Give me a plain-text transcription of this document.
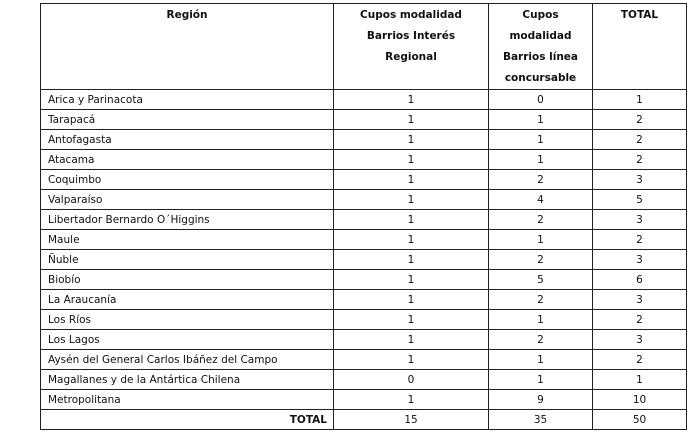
Región	Cupos modalidad Barrios Interés Regional	Cupos modalidad Barrios línea concursable	TOTAL
Arica y Parinacota	1	0	1
Tarapacá	1	1	2
Antofagasta	1	1	2
Atacama	1	1	2
Coquimbo	1	2	3
Valparaíso	1	4	5
Libertador Bernardo O´Higgins	1	2	3
Maule	1	1	2
Ñuble	1	2	3
Biobío	1	5	6
La Araucanía	1	2	3
Los Ríos	1	1	2
Los Lagos	1	2	3
Aysén del General Carlos Ibáñez del Campo	1	1	2
Magallanes y de la Antártica Chilena	0	1	1
Metropolitana	1	9	10
TOTAL	15	35	50
